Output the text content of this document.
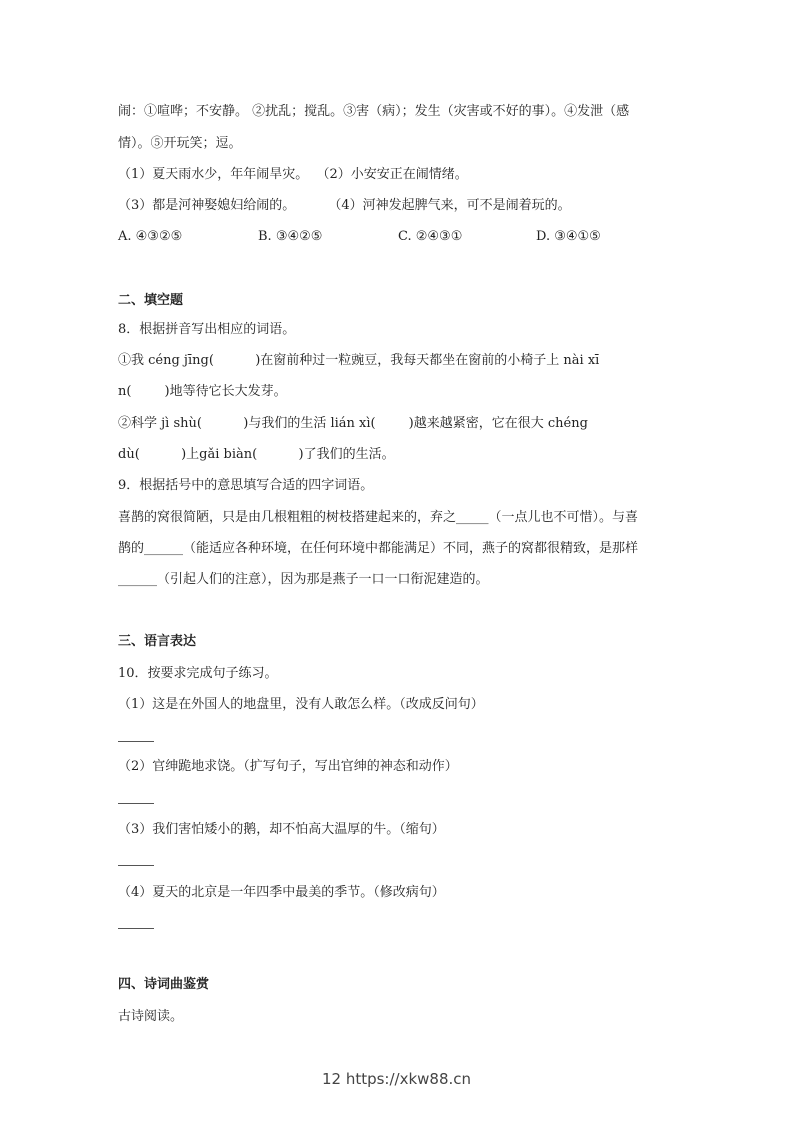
闹：①喧哗；不安静。 ②扰乱；搅乱。③害（病）；发生（灾害或不好的事）。④发泄（感
情）。⑤开玩笑；逗。
（1）夏天雨水少，年年闹旱灾。  （2）小安安正在闹情绪。
（3）都是河神娶媳妇给闹的。        （4）河神发起脾气来，可不是闹着玩的。
A. ④③②⑤	B. ③④②⑤	C. ②④③①	D. ③④①⑤
二、填空题
8．根据拼音写出相应的词语。
①我 céng jīng(          )在窗前种过一粒豌豆，我每天都坐在窗前的小椅子上 nài xī
n(        )地等待它长大发芽。
②科学 jì shù(          )与我们的生活 lián xì(        )越来越紧密，它在很大 chéng
dù(          )上gǎi biàn(          )了我们的生活。
9．根据括号中的意思填写合适的四字词语。
喜鹊的窝很简陋，只是由几根粗粗的树枝搭建起来的，弃之_____（一点儿也不可惜）。与喜
鹊的______（能适应各种环境，在任何环境中都能满足）不同，燕子的窝都很精致，是那样
______（引起人们的注意），因为那是燕子一口一口衔泥建造的。
三、语言表达
10．按要求完成句子练习。
（1）这是在外国人的地盘里，没有人敢怎么样。（改成反问句）
（2）官绅跪地求饶。（扩写句子，写出官绅的神态和动作）
（3）我们害怕矮小的鹅，却不怕高大温厚的牛。（缩句）
（4）夏天的北京是一年四季中最美的季节。（修改病句）
四、诗词曲鉴赏
古诗阅读。
12 https://xkw88.cn
